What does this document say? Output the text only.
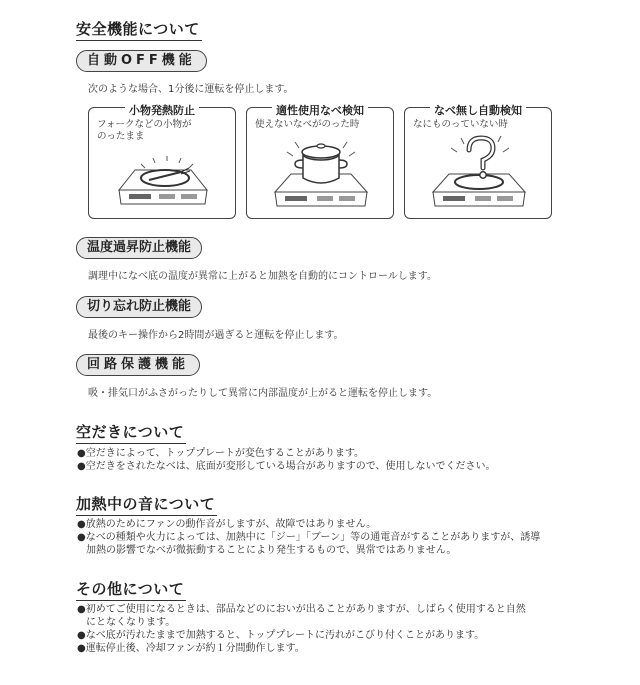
安全機能について
自動OFF機能
次のような場合、1分後に運転を停止します。
小物発熱防止
フォークなどの小物が
のったまま
適性使用なべ検知
使えないなべがのった時
なべ無し自動検知
なにものっていない時
温度過昇防止機能
調理中になべ底の温度が異常に上がると加熱を自動的にコントロールします。
切り忘れ防止機能
最後のキー操作から2時間が過ぎると運転を停止します。
回路保護機能
吸・排気口がふさがったりして異常に内部温度が上がると運転を停止します。
空だきについて
●空だきによって、トッププレートが変色することがあります。
●空だきをされたなべは、底面が変形している場合がありますので、使用しないでください。
加熱中の音について
●放熱のためにファンの動作音がしますが、故障ではありません。
●なべの種類や火力によっては、加熱中に「ジー」「ブーン」等の通電音がすることがありますが、誘導
加熱の影響でなべが微振動することにより発生するもので、異常ではありません。
その他について
●初めてご使用になるときは、部品などのにおいが出ることがありますが、しばらく使用すると自然
にとなくなります。
●なべ底が汚れたままで加熱すると、トッププレートに汚れがこびり付くことがあります。
●運転停止後、冷却ファンが約１分間動作します。
